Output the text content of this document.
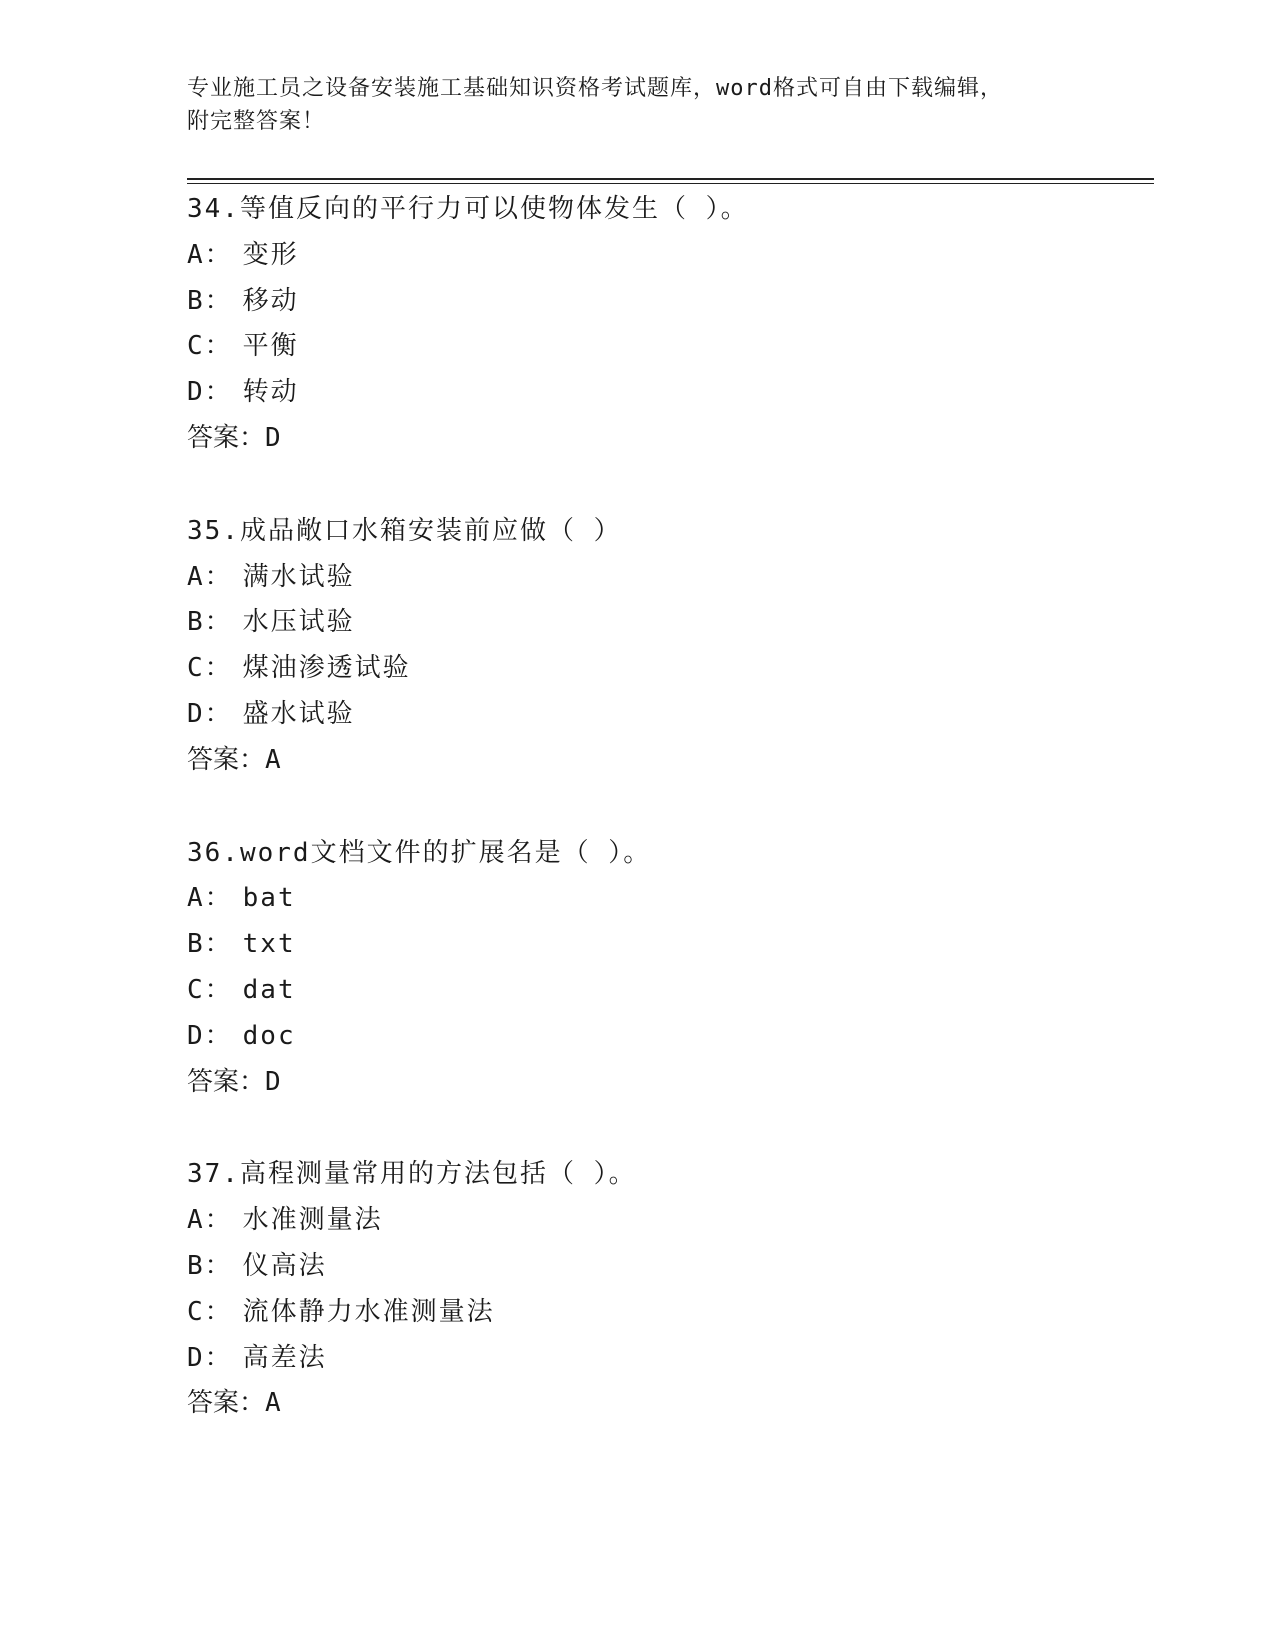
专业施工员之设备安装施工基础知识资格考试题库，word格式可自由下载编辑，
附完整答案！
34.等值反向的平行力可以使物体发生（ ）。
A： 变形
B： 移动
C： 平衡
D： 转动
答案：D
35.成品敞口水箱安装前应做（ ）
A： 满水试验
B： 水压试验
C： 煤油渗透试验
D： 盛水试验
答案：A
36.word文档文件的扩展名是（ ）。
A： bat
B： txt
C： dat
D： doc
答案：D
37.高程测量常用的方法包括（ ）。
A： 水准测量法
B： 仪高法
C： 流体静力水准测量法
D： 高差法
答案：A
